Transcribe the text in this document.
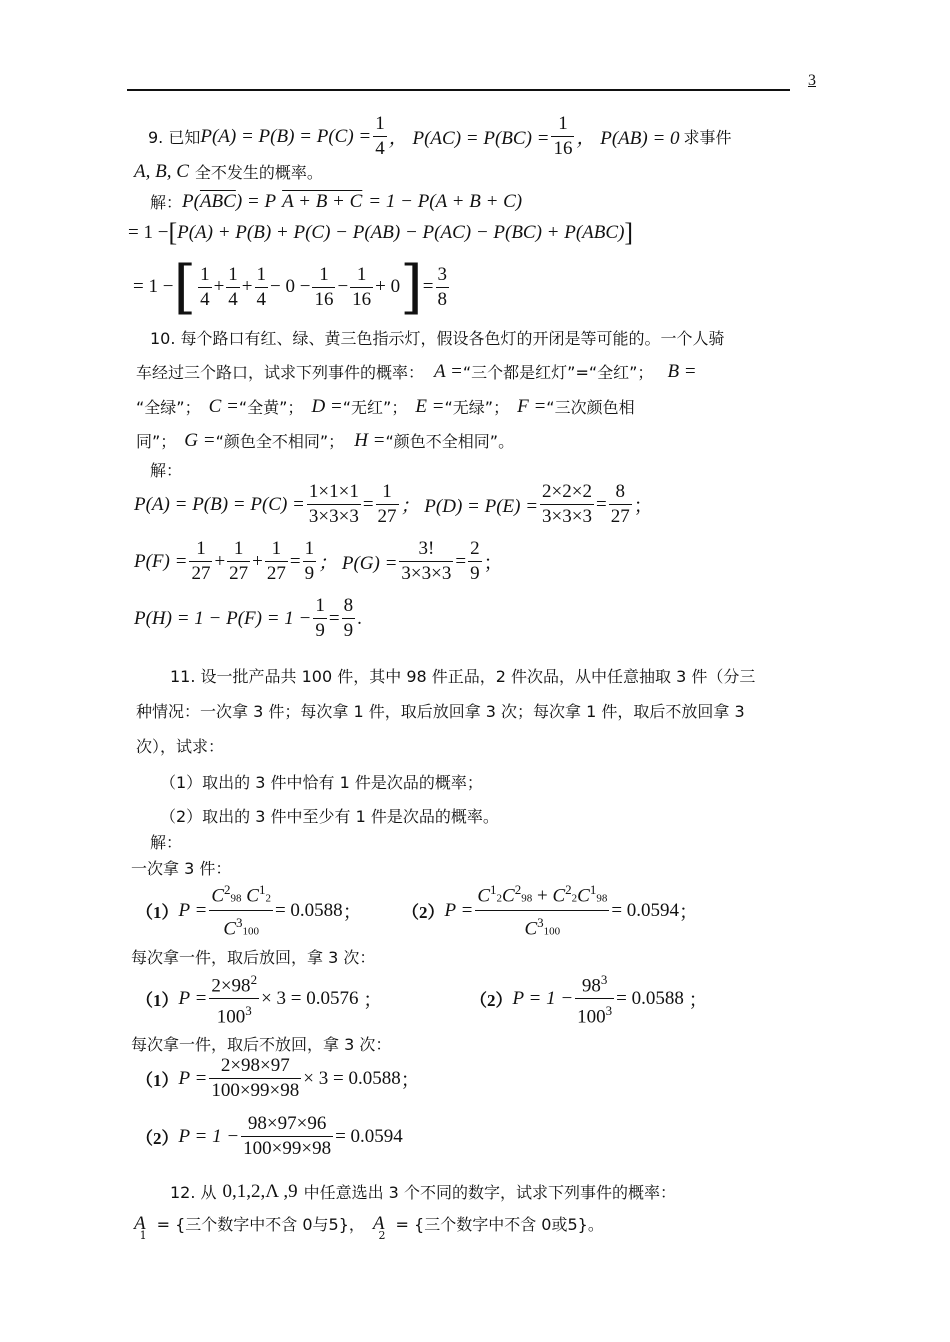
3
9. 已知 $P(A) = P(B) = P(C) = \frac{1}{4}$ ， $P(AC) = P(BC) = \frac{1}{16}$ ， P(AB) = 0 求事件
A, B, C 全不发生的概率。
解： P( $\overline{ABC}$ ) = P A + B + C = 1 − P(A + B + C)
= 1 − [ P(A) + P(B) + P(C) − P(AB) − P(AC) − P(BC) + P(ABC) ]
= 1 − [ $\frac{1}{4} + \frac{1}{4} + \frac{1}{4} - 0 - \frac{1}{16} - \frac{1}{16} + 0$ ] = $\frac{3}{8}$
10. 每个路口有红、绿、黄三色指示灯，假设各色灯的开闭是等可能的。一个人骑
车经过三个路口，试求下列事件的概率： A = “三个都是红灯”=“全红”； B =
“全绿”； C = “全黄”； D = “无红”； E = “无绿”； F = “三次颜色相
同”； G = “颜色全不相同”； H = “颜色不全相同”。
解：
$P(A) = P(B) = P(C) = \frac{1\times 1\times 1}{3\times 3\times 3} = \frac{1}{27}$ ； $P(D) = P(E) = \frac{2\times 2\times 2}{3\times 3\times 3} = \frac{8}{27}$ ；
$P(F) = \frac{1}{27} + \frac{1}{27} + \frac{1}{27} = \frac{1}{9}$ ； $P(G) = \frac{3!}{3\times 3\times 3} = \frac{2}{9}$ ；
$P(H) = 1 - P(F) = 1 - \frac{1}{9} = \frac{8}{9}$ .
11. 设一批产品共 100 件，其中 98 件正品，2 件次品，从中任意抽取 3 件（分三
种情况：一次拿 3 件；每次拿 1 件，取后放回拿 3 次；每次拿 1 件，取后不放回拿 3
次），试求：
（1）取出的 3 件中恰有 1 件是次品的概率；
（2）取出的 3 件中至少有 1 件是次品的概率。
解：
一次拿 3 件：
（1） $P = \frac{C^298 C^12}{C^3100} = 0.0588$ ； （2） $P = \frac{C^12C^298 + C^22C^198}{C^3100} = 0.0594$ ；
每次拿一件，取后放回，拿 3 次：
（1） $P = \frac{2\times 98^2}{100^3} \times 3 = 0.0576$ ；	（2） $P = 1 - \frac{98^3}{100^3} = 0.0588$ ；
每次拿一件，取后不放回，拿 3 次：
（1） $P = \frac{2\times 98\times 97}{100\times 99\times 98} \times 3 = 0.0588$ ；
（2） $P = 1 - \frac{98\times 97\times 96}{100\times 99\times 98} = 0.0594$
12. 从 0,1,2,Λ ,9 中任意选出 3 个不同的数字，试求下列事件的概率：
A
1
= {三个数字中不含 0与5}， A
2
= {三个数字中不含 0或5}。
